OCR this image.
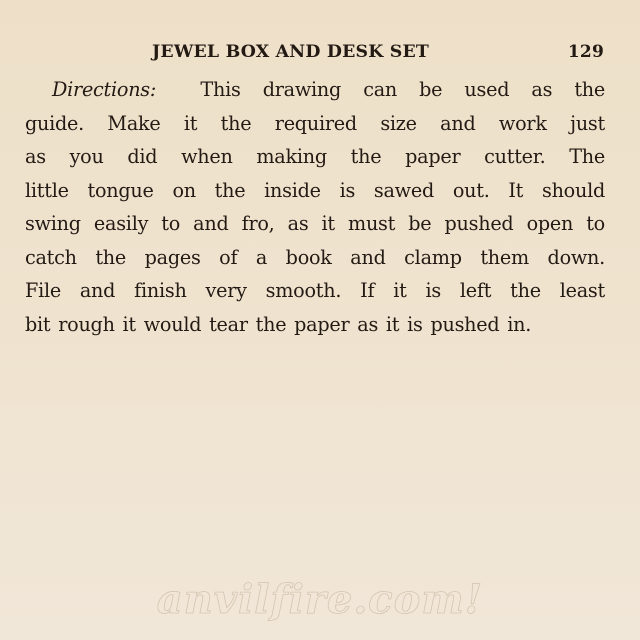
JEWEL BOX AND DESK SET	129
Directions: This drawing can be used as the
guide. Make it the required size and work just
as you did when making the paper cutter. The
little tongue on the inside is sawed out. It should
swing easily to and fro, as it must be pushed open to
catch the pages of a book and clamp them down.
File and finish very smooth. If it is left the least
bit rough it would tear the paper as it is pushed in.
anvilfire.com!
